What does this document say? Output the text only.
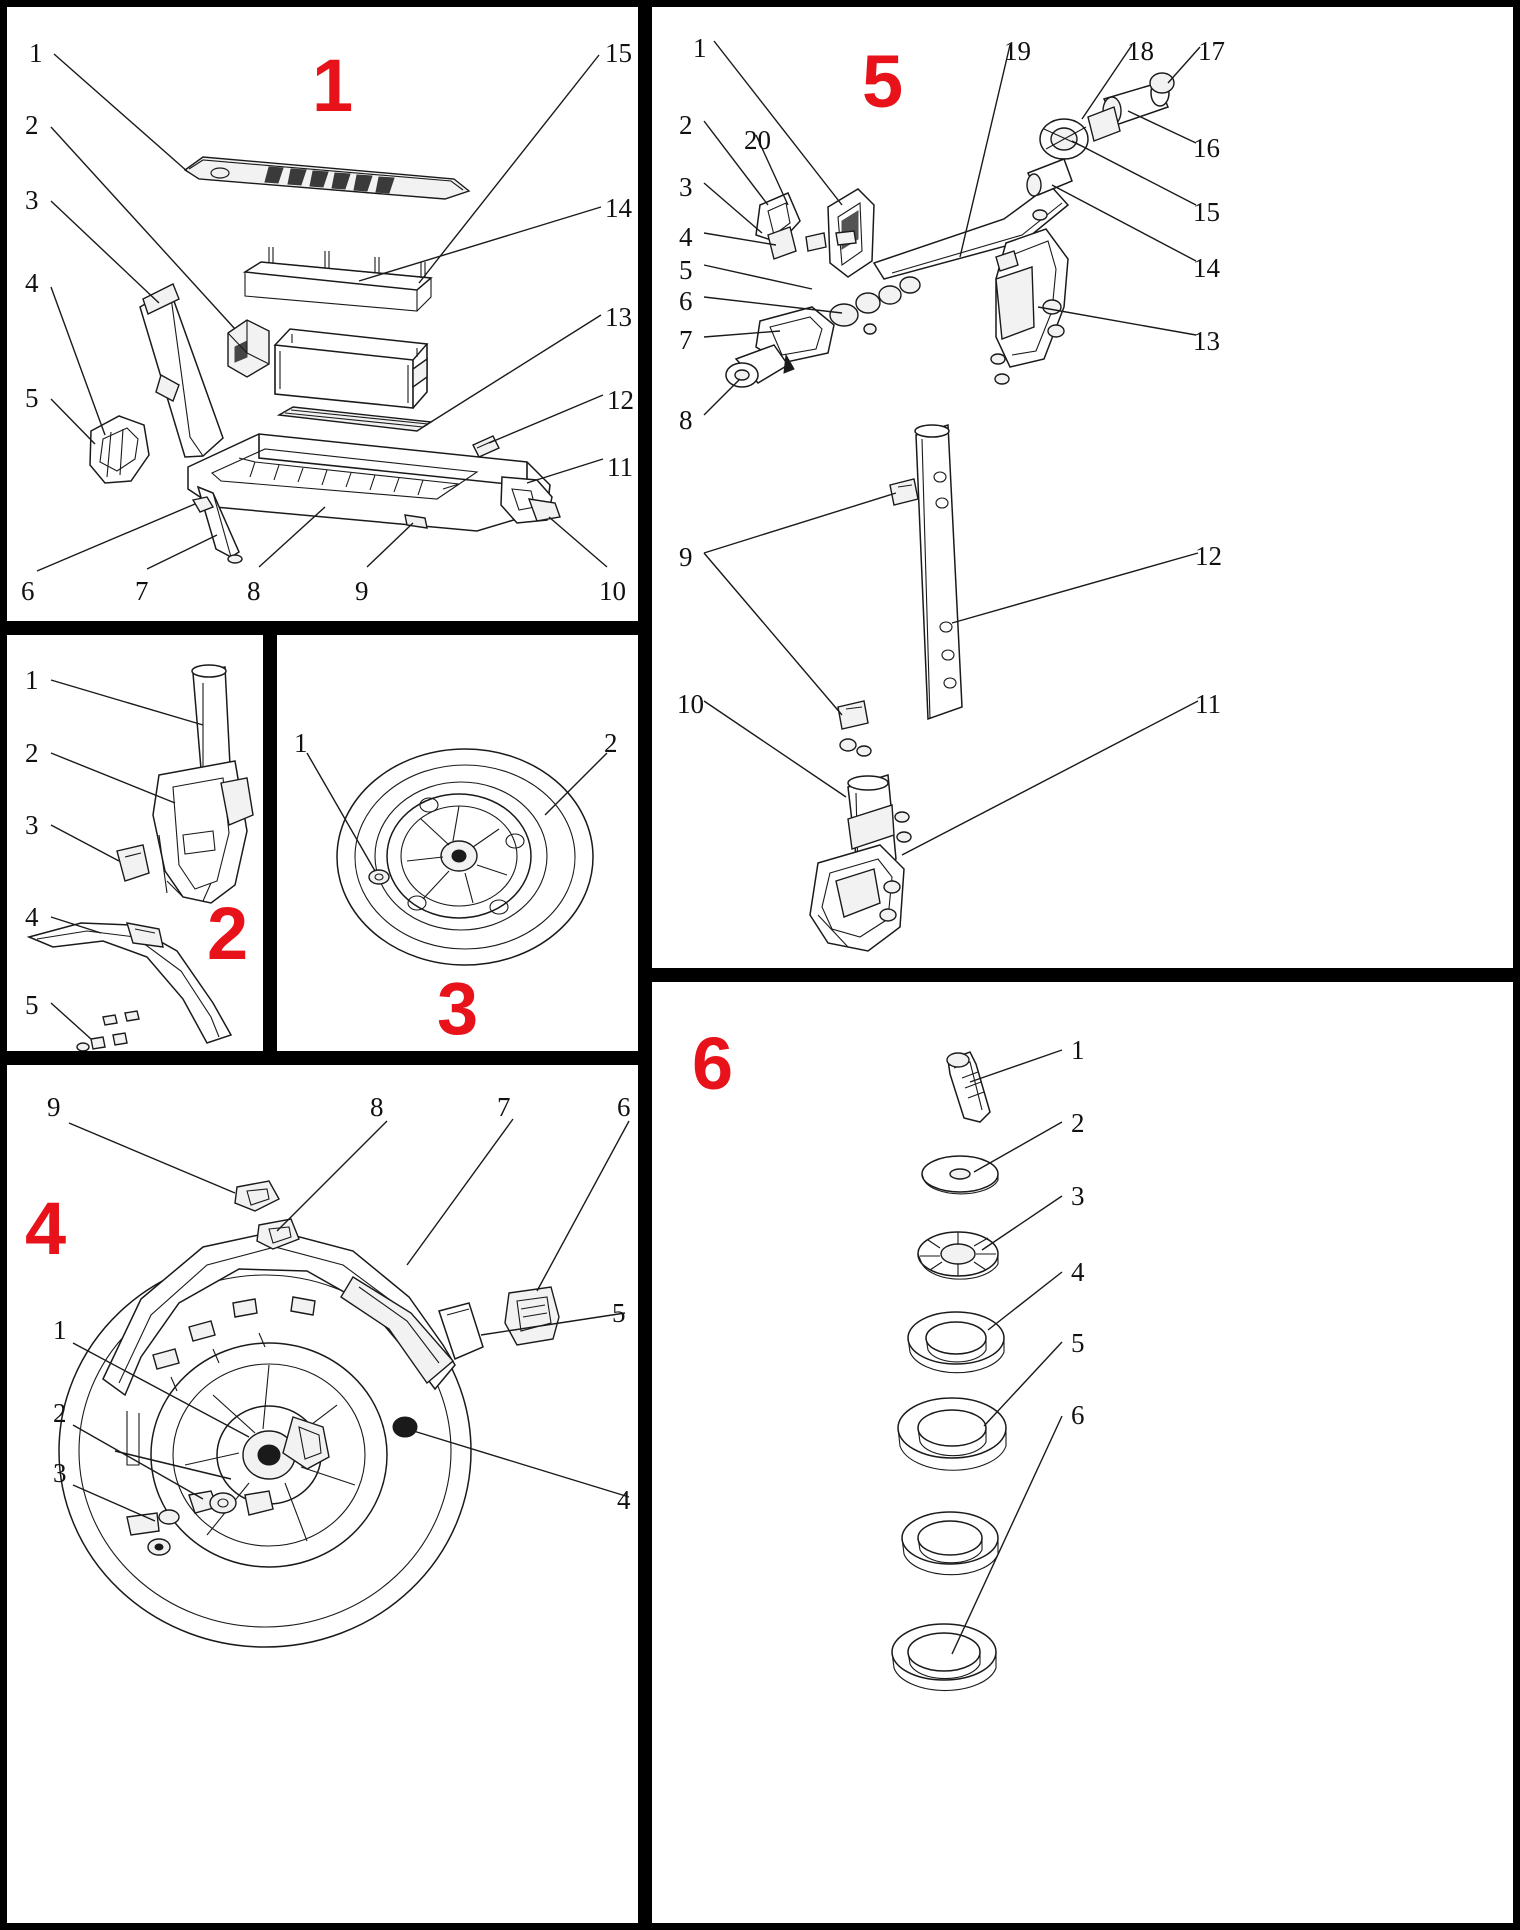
1
1
2
3
4
5
6	7	8	9	10
11
12
13
14
15
2
1
2
3
4
5	3
1	2
4
9	8	7	6
5
4
1
2
3
5
1
2
3
4
5
6
7
8
9
10
20
19	18 17
16
15
14
13
12
11
6	1
2
3
4
5
6
